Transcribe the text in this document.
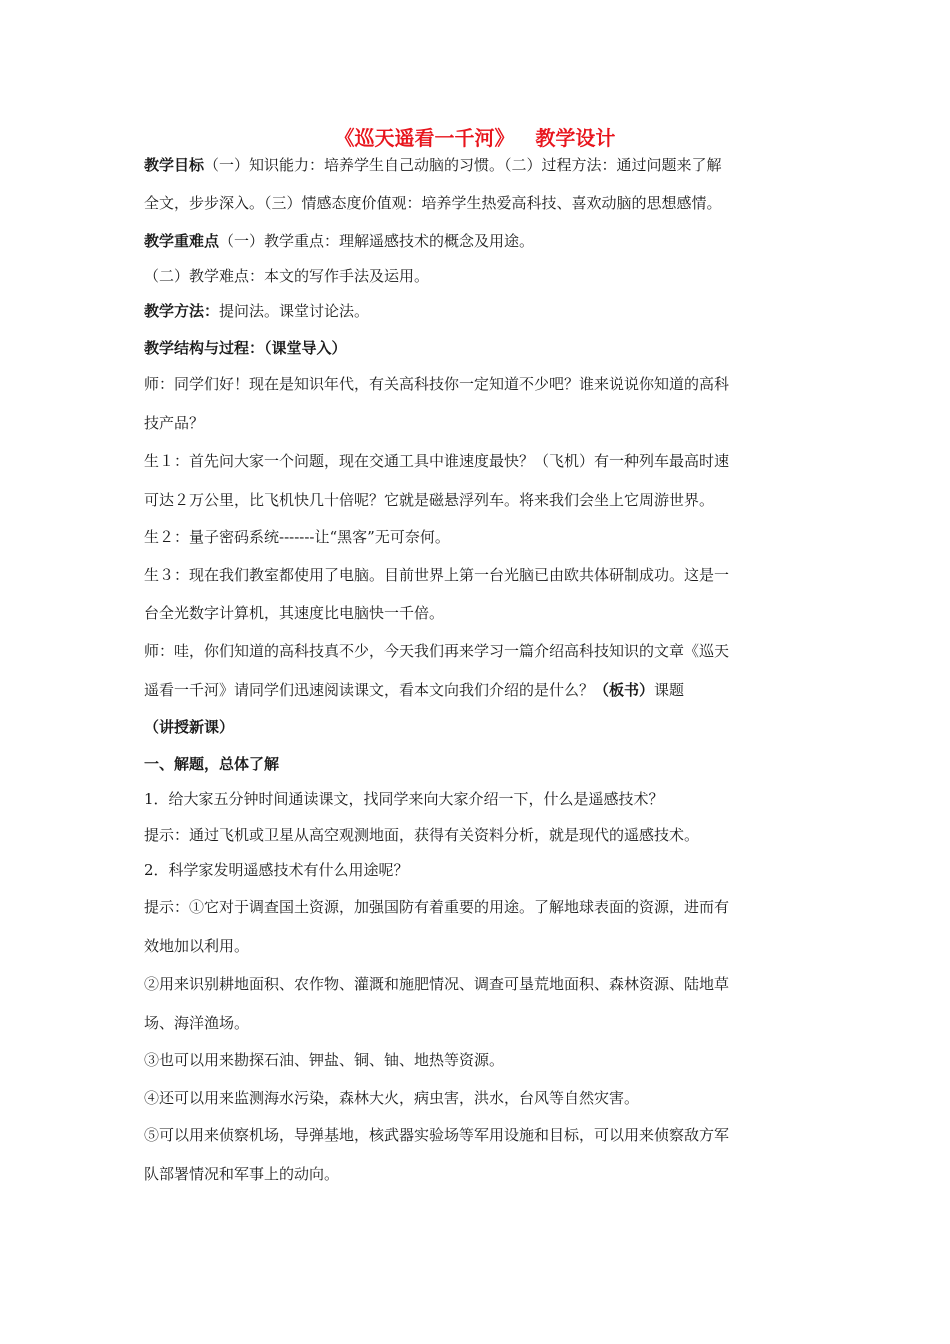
《巡天遥看一千河》   教学设计
教学目标（一）知识能力：培养学生自己动脑的习惯。（二）过程方法：通过问题来了解
全文，步步深入。（三）情感态度价值观：培养学生热爱高科技、喜欢动脑的思想感情。
教学重难点（一）教学重点：理解遥感技术的概念及用途。
（二）教学难点：本文的写作手法及运用。
教学方法：提问法。课堂讨论法。
教学结构与过程：（课堂导入）
师：同学们好！现在是知识年代，有关高科技你一定知道不少吧？谁来说说你知道的高科
技产品？
生１：首先问大家一个问题，现在交通工具中谁速度最快？（飞机）有一种列车最高时速
可达２万公里，比飞机快几十倍呢？它就是磁悬浮列车。将来我们会坐上它周游世界。
生２：量子密码系统-------让“黑客”无可奈何。
生３：现在我们教室都使用了电脑。目前世界上第一台光脑已由欧共体研制成功。这是一
台全光数字计算机，其速度比电脑快一千倍。
师：哇，你们知道的高科技真不少，今天我们再来学习一篇介绍高科技知识的文章《巡天
遥看一千河》请同学们迅速阅读课文，看本文向我们介绍的是什么？（板书）课题
（讲授新课）
一、解题，总体了解
1．给大家五分钟时间通读课文，找同学来向大家介绍一下，什么是遥感技术？
提示：通过飞机或卫星从高空观测地面，获得有关资料分析，就是现代的遥感技术。
2．科学家发明遥感技术有什么用途呢？
提示：①它对于调查国土资源，加强国防有着重要的用途。了解地球表面的资源，进而有
效地加以利用。
②用来识别耕地面积、农作物、灌溉和施肥情况、调查可垦荒地面积、森林资源、陆地草
场、海洋渔场。
③也可以用来勘探石油、钾盐、铜、铀、地热等资源。
④还可以用来监测海水污染，森林大火，病虫害，洪水，台风等自然灾害。
⑤可以用来侦察机场，导弹基地，核武器实验场等军用设施和目标，可以用来侦察敌方军
队部署情况和军事上的动向。
